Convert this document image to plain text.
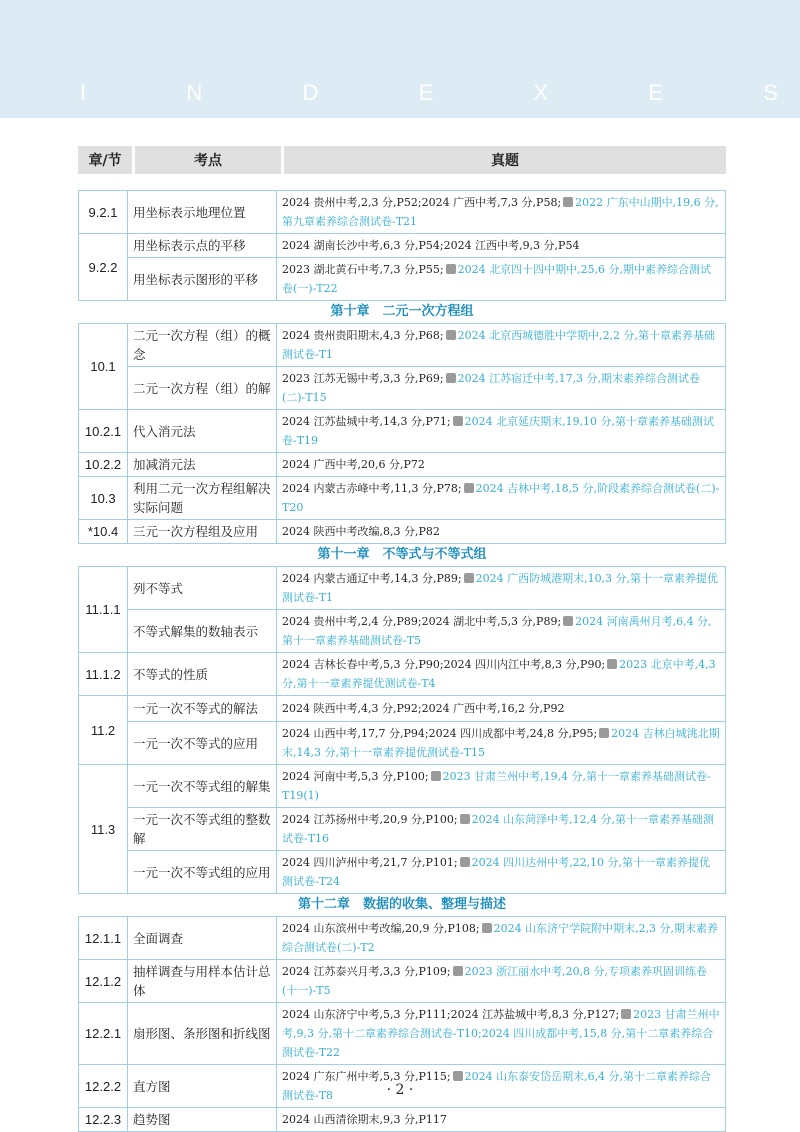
I	N	D	E	X	E	S
章/节	考点	真题
9.2.1	用坐标表示地理位置	2024 贵州中考,2,3 分,P52;2024 广西中考,7,3 分,P58; 2022 广东中山期中,19,6 分,第九章素养综合测试卷-T21
9.2.2	用坐标表示点的平移	2024 湖南长沙中考,6,3 分,P54;2024 江西中考,9,3 分,P54
	用坐标表示图形的平移	2023 湖北黄石中考,7,3 分,P55; 2024 北京四十四中期中,25,6 分,期中素养综合测试卷(一)-T22
第十章　二元一次方程组
10.1	二元一次方程（组）的概念	2024 贵州贵阳期末,4,3 分,P68; 2024 北京西城德胜中学期中,2,2 分,第十章素养基础测试卷-T1
	二元一次方程（组）的解	2023 江苏无锡中考,3,3 分,P69; 2024 江苏宿迁中考,17,3 分,期末素养综合测试卷(二)-T15
10.2.1	代入消元法	2024 江苏盐城中考,14,3 分,P71; 2024 北京延庆期末,19,10 分,第十章素养基础测试卷-T19
10.2.2	加减消元法	2024 广西中考,20,6 分,P72
10.3	利用二元一次方程组解决实际问题	2024 内蒙古赤峰中考,11,3 分,P78; 2024 吉林中考,18,5 分,阶段素养综合测试卷(二)-T20
*10.4	三元一次方程组及应用	2024 陕西中考改编,8,3 分,P82
第十一章　不等式与不等式组
11.1.1	列不等式	2024 内蒙古通辽中考,14,3 分,P89; 2024 广西防城港期末,10,3 分,第十一章素养提优测试卷-T1
	不等式解集的数轴表示	2024 贵州中考,2,4 分,P89;2024 湖北中考,5,3 分,P89; 2024 河南禹州月考,6,4 分,第十一章素养基础测试卷-T5
11.1.2	不等式的性质	2024 吉林长春中考,5,3 分,P90;2024 四川内江中考,8,3 分,P90; 2023 北京中考,4,3 分,第十一章素养提优测试卷-T4
11.2	一元一次不等式的解法	2024 陕西中考,4,3 分,P92;2024 广西中考,16,2 分,P92
	一元一次不等式的应用	2024 山西中考,17,7 分,P94;2024 四川成都中考,24,8 分,P95; 2024 吉林白城洮北期末,14,3 分,第十一章素养提优测试卷-T15
11.3	一元一次不等式组的解集	2024 河南中考,5,3 分,P100; 2023 甘肃兰州中考,19,4 分,第十一章素养基础测试卷-T19(1)
	一元一次不等式组的整数解	2024 江苏扬州中考,20,9 分,P100; 2024 山东菏泽中考,12,4 分,第十一章素养基础测试卷-T16
	一元一次不等式组的应用	2024 四川泸州中考,21,7 分,P101; 2024 四川达州中考,22,10 分,第十一章素养提优测试卷-T24
第十二章　数据的收集、整理与描述
12.1.1	全面调查	2024 山东滨州中考改编,20,9 分,P108; 2024 山东济宁学院附中期末,2,3 分,期末素养综合测试卷(二)-T2
12.1.2	抽样调查与用样本估计总体	2024 江苏泰兴月考,3,3 分,P109; 2023 浙江丽水中考,20,8 分,专项素养巩固训练卷(十一)-T5
12.2.1	扇形图、条形图和折线图	2024 山东济宁中考,5,3 分,P111;2024 江苏盐城中考,8,3 分,P127; 2023 甘肃兰州中考,9,3 分,第十二章素养综合测试卷-T10;2024 四川成都中考,15,8 分,第十二章素养综合测试卷-T22
12.2.2	直方图	2024 广东广州中考,5,3 分,P115; 2024 山东泰安岱岳期末,6,4 分,第十二章素养综合测试卷-T8
12.2.3	趋势图	2024 山西清徐期末,9,3 分,P117
· 2 ·
